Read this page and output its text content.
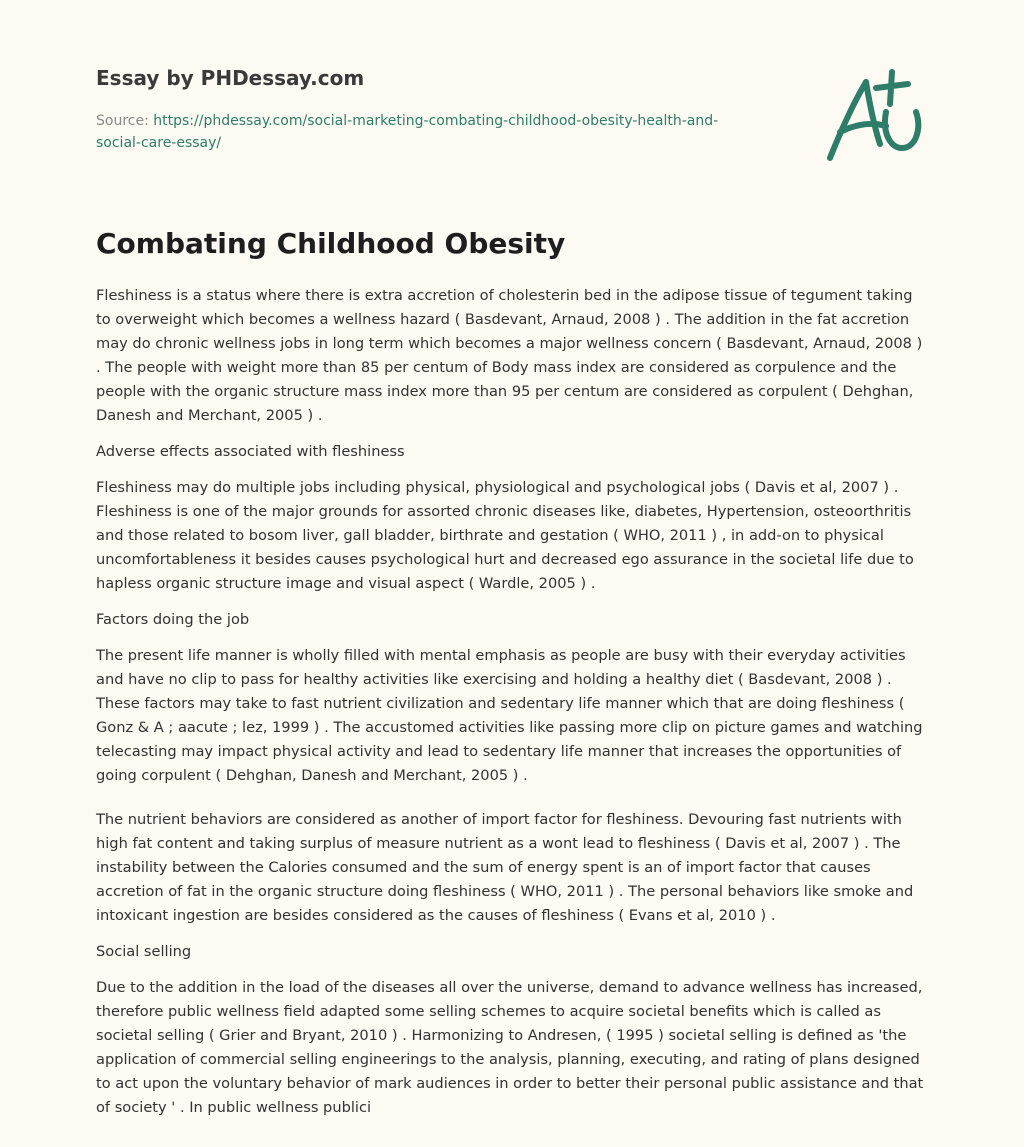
Essay by PHDessay.com

Source: https://phdessay.com/social-marketing-combating-childhood-obesity-health-and-social-care-essay/
Combating Childhood Obesity

Fleshiness is a status where there is extra accretion of cholesterin bed in the adipose tissue of tegument taking to overweight which becomes a wellness hazard ( Basdevant, Arnaud, 2008 ) . The addition in the fat accretion may do chronic wellness jobs in long term which becomes a major wellness concern ( Basdevant, Arnaud, 2008 ) . The people with weight more than 85 per centum of Body mass index are considered as corpulence and the people with the organic structure mass index more than 95 per centum are considered as corpulent ( Dehghan, Danesh and Merchant, 2005 ) .

Adverse effects associated with fleshiness

Fleshiness may do multiple jobs including physical, physiological and psychological jobs ( Davis et al, 2007 ) . Fleshiness is one of the major grounds for assorted chronic diseases like, diabetes, Hypertension, osteoorthritis and those related to bosom liver, gall bladder, birthrate and gestation ( WHO, 2011 ) , in add-on to physical uncomfortableness it besides causes psychological hurt and decreased ego assurance in the societal life due to hapless organic structure image and visual aspect ( Wardle, 2005 ) .

Factors doing the job

The present life manner is wholly filled with mental emphasis as people are busy with their everyday activities and have no clip to pass for healthy activities like exercising and holding a healthy diet ( Basdevant, 2008 ) . These factors may take to fast nutrient civilization and sedentary life manner which that are doing fleshiness ( Gonz & A ; aacute ; lez, 1999 ) . The accustomed activities like passing more clip on picture games and watching telecasting may impact physical activity and lead to sedentary life manner that increases the opportunities of going corpulent ( Dehghan, Danesh and Merchant, 2005 ) .

The nutrient behaviors are considered as another of import factor for fleshiness. Devouring fast nutrients with high fat content and taking surplus of measure nutrient as a wont lead to fleshiness ( Davis et al, 2007 ) . The instability between the Calories consumed and the sum of energy spent is an of import factor that causes accretion of fat in the organic structure doing fleshiness ( WHO, 2011 ) . The personal behaviors like smoke and intoxicant ingestion are besides considered as the causes of fleshiness ( Evans et al, 2010 ) .

Social selling

Due to the addition in the load of the diseases all over the universe, demand to advance wellness has increased, therefore public wellness field adapted some selling schemes to acquire societal benefits which is called as societal selling ( Grier and Bryant, 2010 ) . Harmonizing to Andresen, ( 1995 ) societal selling is defined as 'the application of commercial selling engineerings to the analysis, planning, executing, and rating of plans designed to act upon the voluntary behavior of mark audiences in order to better their personal public assistance and that of society ' . In public wellness publici
